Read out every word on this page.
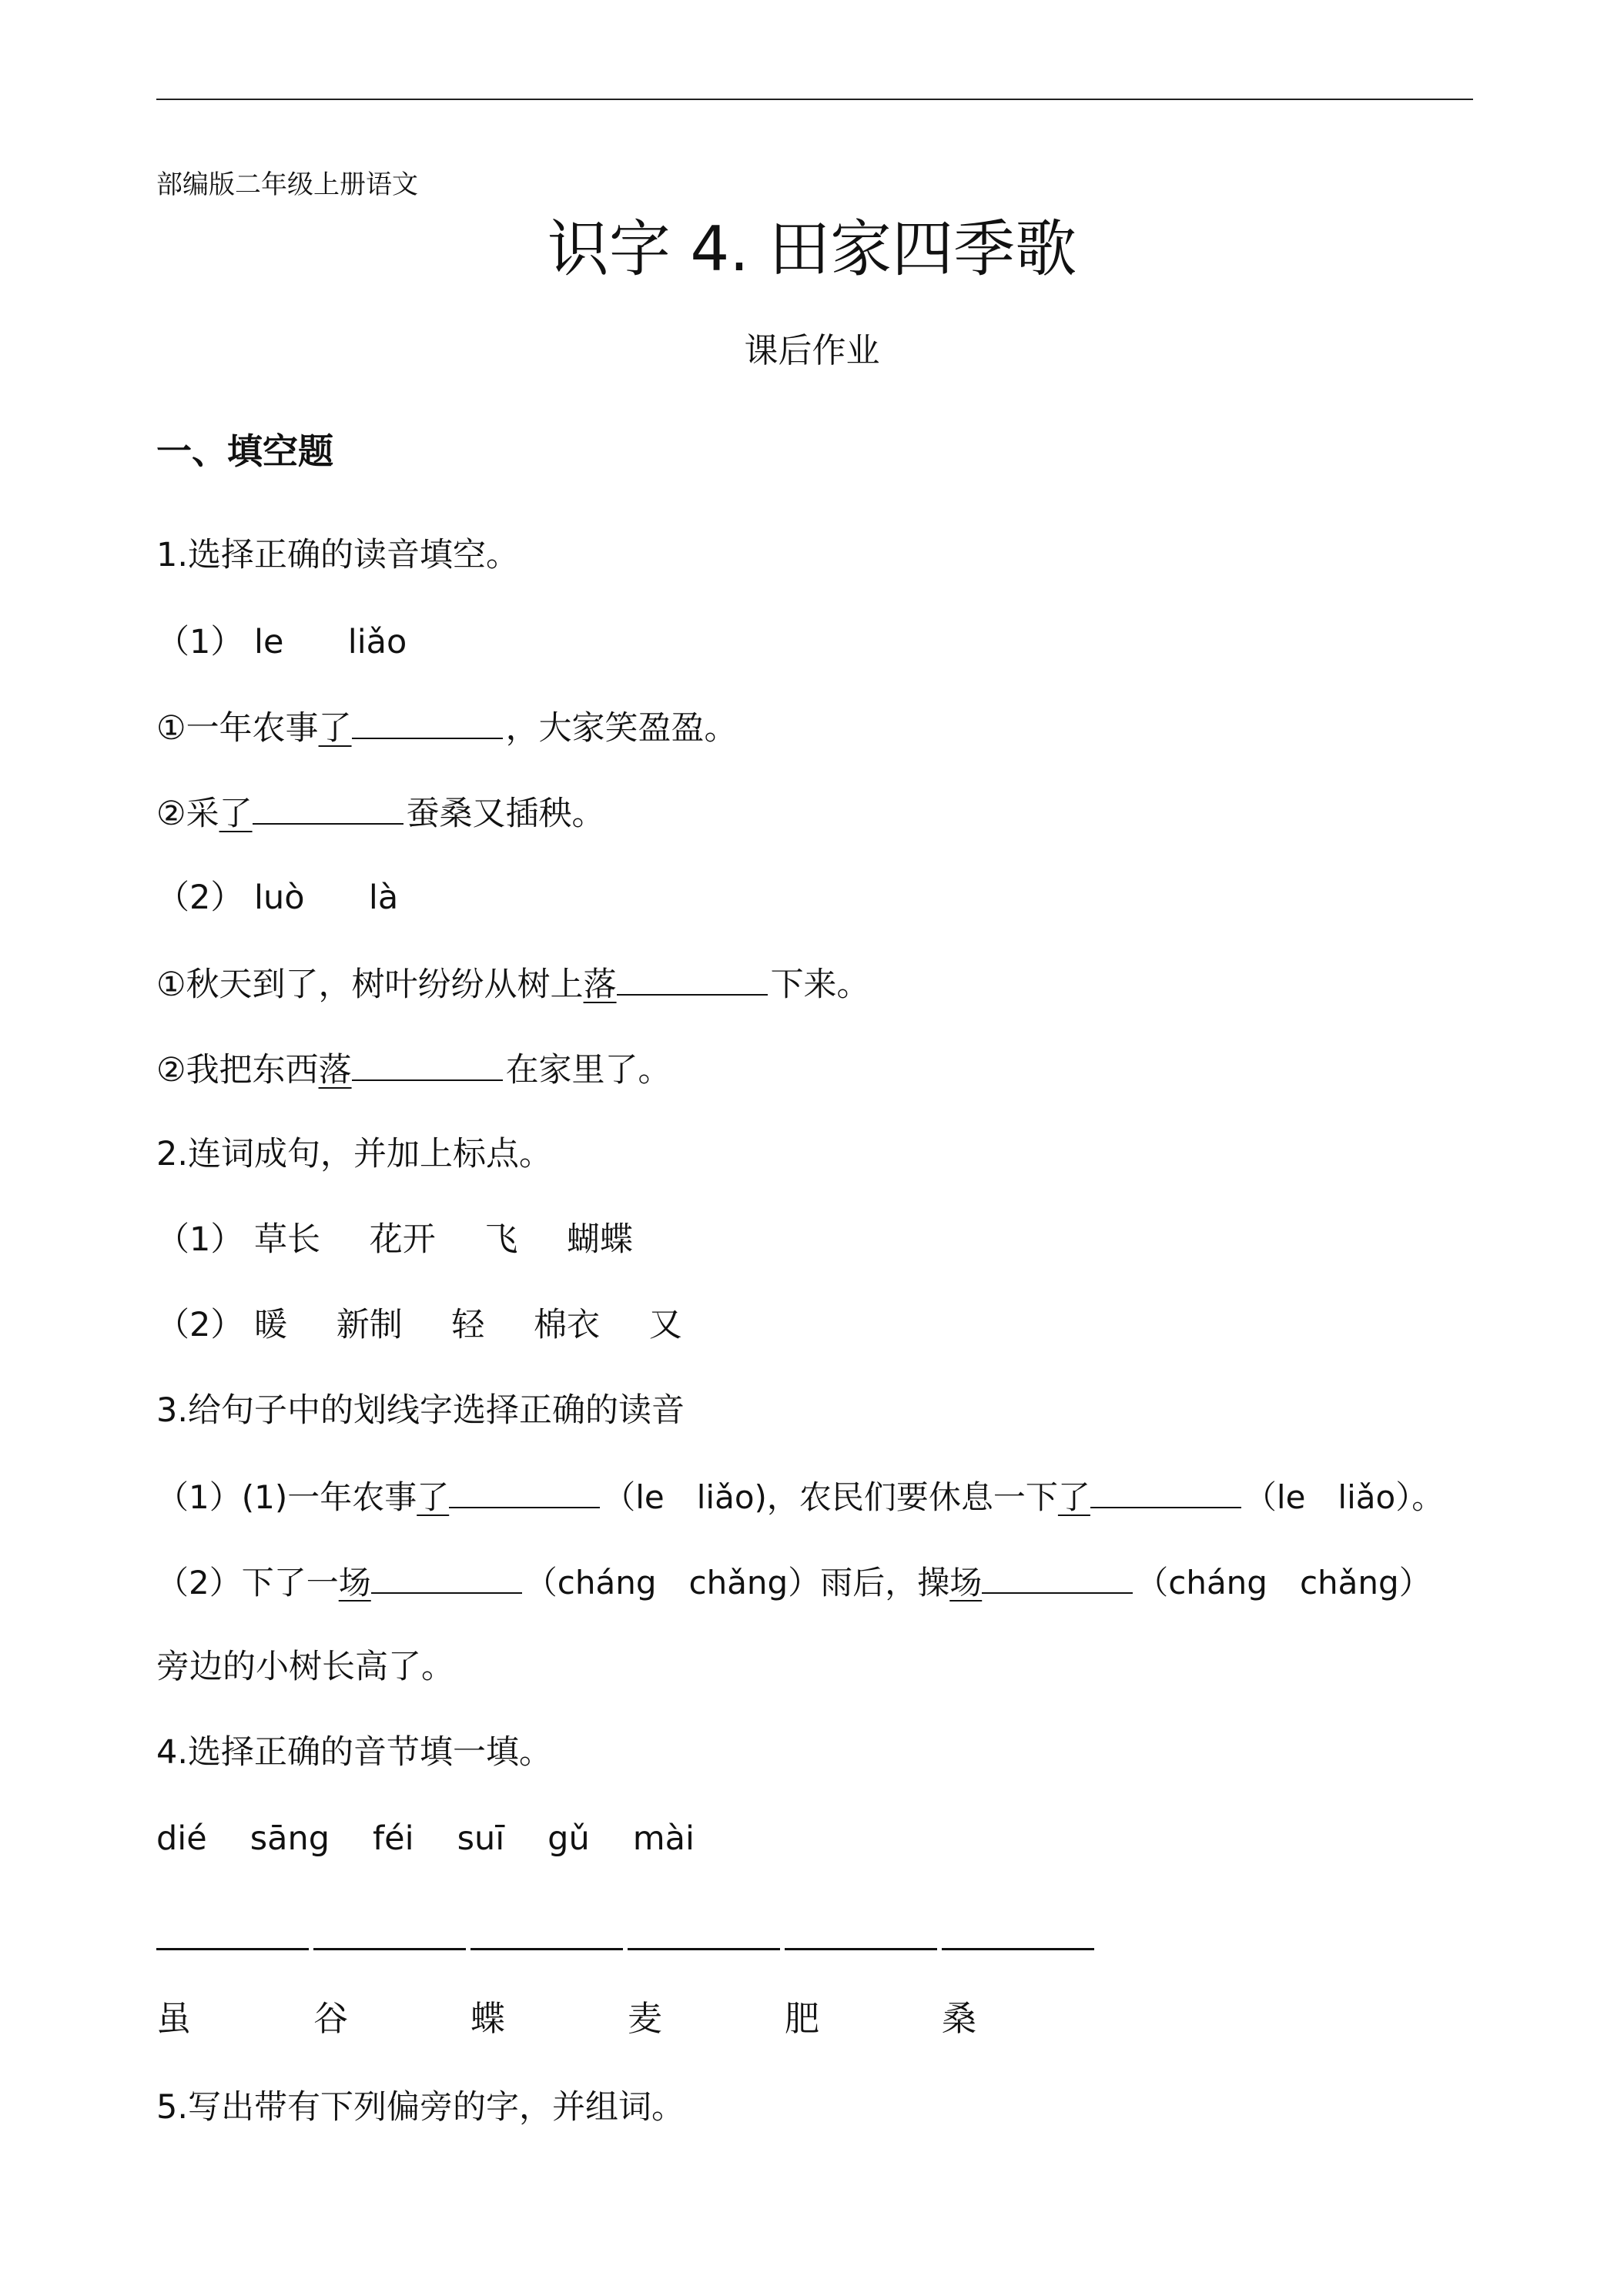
部编版二年级上册语文
识字 4. 田家四季歌
课后作业
一、填空题
1.选择正确的读音填空。
（1） le liǎo
①一年农事了	，大家笑盈盈。
②采了	蚕桑又插秧。
（2） luò là
①秋天到了，树叶纷纷从树上落	下来。
②我把东西落	在家里了。
2.连词成句，并加上标点。
（1） 草长 花开 飞 蝴蝶
（2） 暖 新制 轻 棉衣 又
3.给句子中的划线字选择正确的读音
（1）(1)一年农事了	（le　liǎo)，农民们要休息一下了	（le　liǎo）。
（2）下了一场	（cháng　chǎng）雨后，操场	（cháng　chǎng）
旁边的小树长高了。
4.选择正确的音节填一填。
dié sāng féi suī gǔ mài
虽	谷	蝶	麦	肥	桑
5.写出带有下列偏旁的字，并组词。
